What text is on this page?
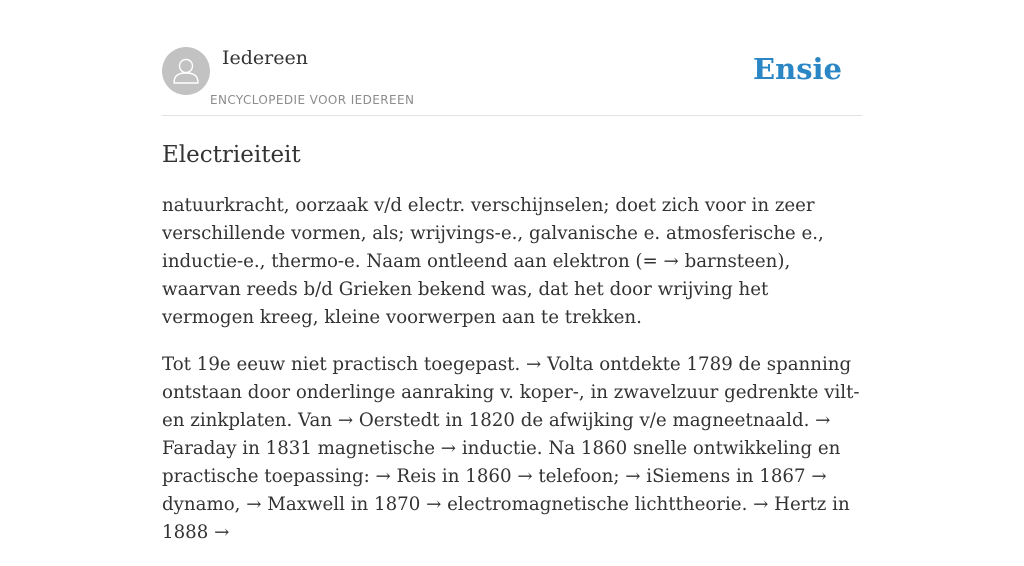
Iedereen
ENCYCLOPEDIE VOOR IEDEREEN
Ensie
Electrieiteit

natuurkracht, oorzaak v/d electr. verschijnselen; doet zich voor in zeer verschillende vormen, als; wrijvings-e., galvanische e. atmosferische e., inductie-e., thermo-e. Naam ontleend aan elektron (= → barnsteen), waarvan reeds b/d Grieken bekend was, dat het door wrijving het vermogen kreeg, kleine voorwerpen aan te trekken.

Tot 19e eeuw niet practisch toegepast. → Volta ontdekte 1789 de spanning ontstaan door onderlinge aanraking v. koper-, in zwavelzuur gedrenkte vilt- en zinkplaten. Van → Oerstedt in 1820 de afwijking v/e magneetnaald. → Faraday in 1831 magnetische → inductie. Na 1860 snelle ontwikkeling en practische toepassing: → Reis in 1860 → telefoon; → iSiemens in 1867 → dynamo, → Maxwell in 1870 → electromagnetische lichttheorie. → Hertz in 1888 →
